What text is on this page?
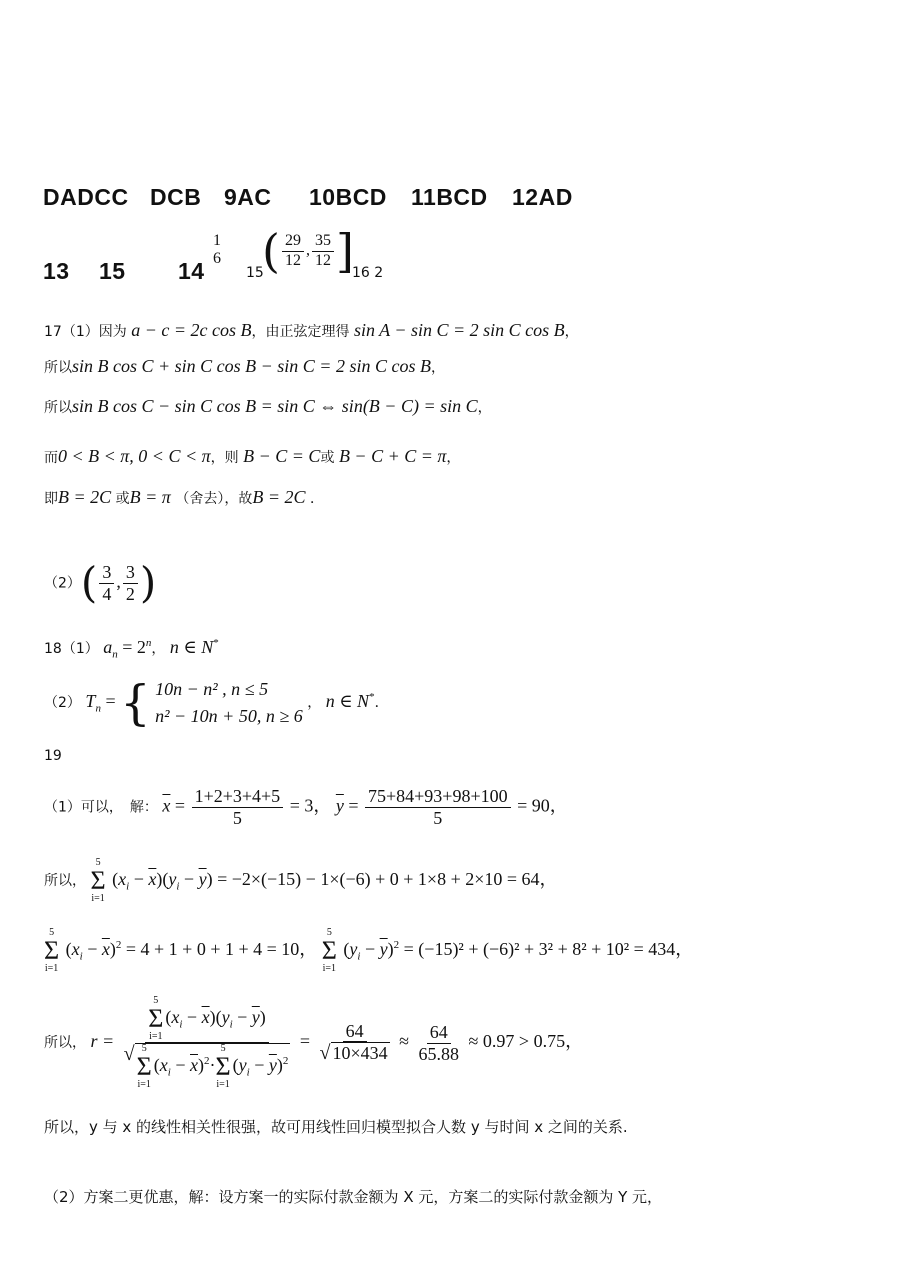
DADCC DCB 9AC 10BCD 11BCD 12AD
13 15 14
1
6
15
( $\frac{29}{12}$ , $\frac{35}{12}$ ]
16 2
17（1）因为 a − c = 2c cos B，由正弦定理得 sin A − sin C = 2 sin C cos B，
所以sin B cos C + sin C cos B − sin C = 2 sin C cos B，
所以sin B cos C − sin C cos B = sin C ⇔ sin(B − C) = sin C，
而0 < B < π, 0 < C < π，则 B − C = C或 B − C + C = π，
即B = 2C 或B = π （舍去），故B = 2C ．
$(2)( \frac{3}{4}$ , $\frac{3}{2}$ )
18（1） $a_n = 2^n$， n ∈ N*
（2） $T_n$ = { 10n − n² , n ≤ 5
n² − 10n + 50, n ≥ 6
， n ∈ N*．
19
（1）可以，　解： $\overline{x} = \frac{1+2+3+4+5}{5} = 3$， $\overline{y} = \frac{75+84+93+98+100}{5} = 90$，
所以，
5
Σ
i=1
$(x_i - \overline{x})(y_i - \overline{y}) = -2\times(-15) - 1\times(-6) + 0 + 1\times 8 + 2\times 10 = 64$，
5
Σ
i=1
$(x_i - \overline{x})^2 = 4 + 1 + 0 + 1 + 4 = 10$，
5
Σ
i=1
$(y_i - \overline{y})^2 = (-15)^2 + (-6)^2 + 3^2 + 8^2 + 10^2 = 434$，
所以， r = 5
Σ
i=1
$(x_i - \overline{x})(y_i - \overline{y})$
√ 5
Σ
i=1
$(x_i - \overline{x})^2\cdot$
5
Σ
i=1
$(y_i - \overline{y})^2 = \frac{64}{√ 10\times 434} \approx \frac{64}{65.88} \approx 0.97 > 0.75$，
所以，y 与 x 的线性相关性很强，故可用线性回归模型拟合人数 y 与时间 x 之间的关系.
（2）方案二更优惠，解：设方案一的实际付款金额为 X 元，方案二的实际付款金额为 Y 元，
